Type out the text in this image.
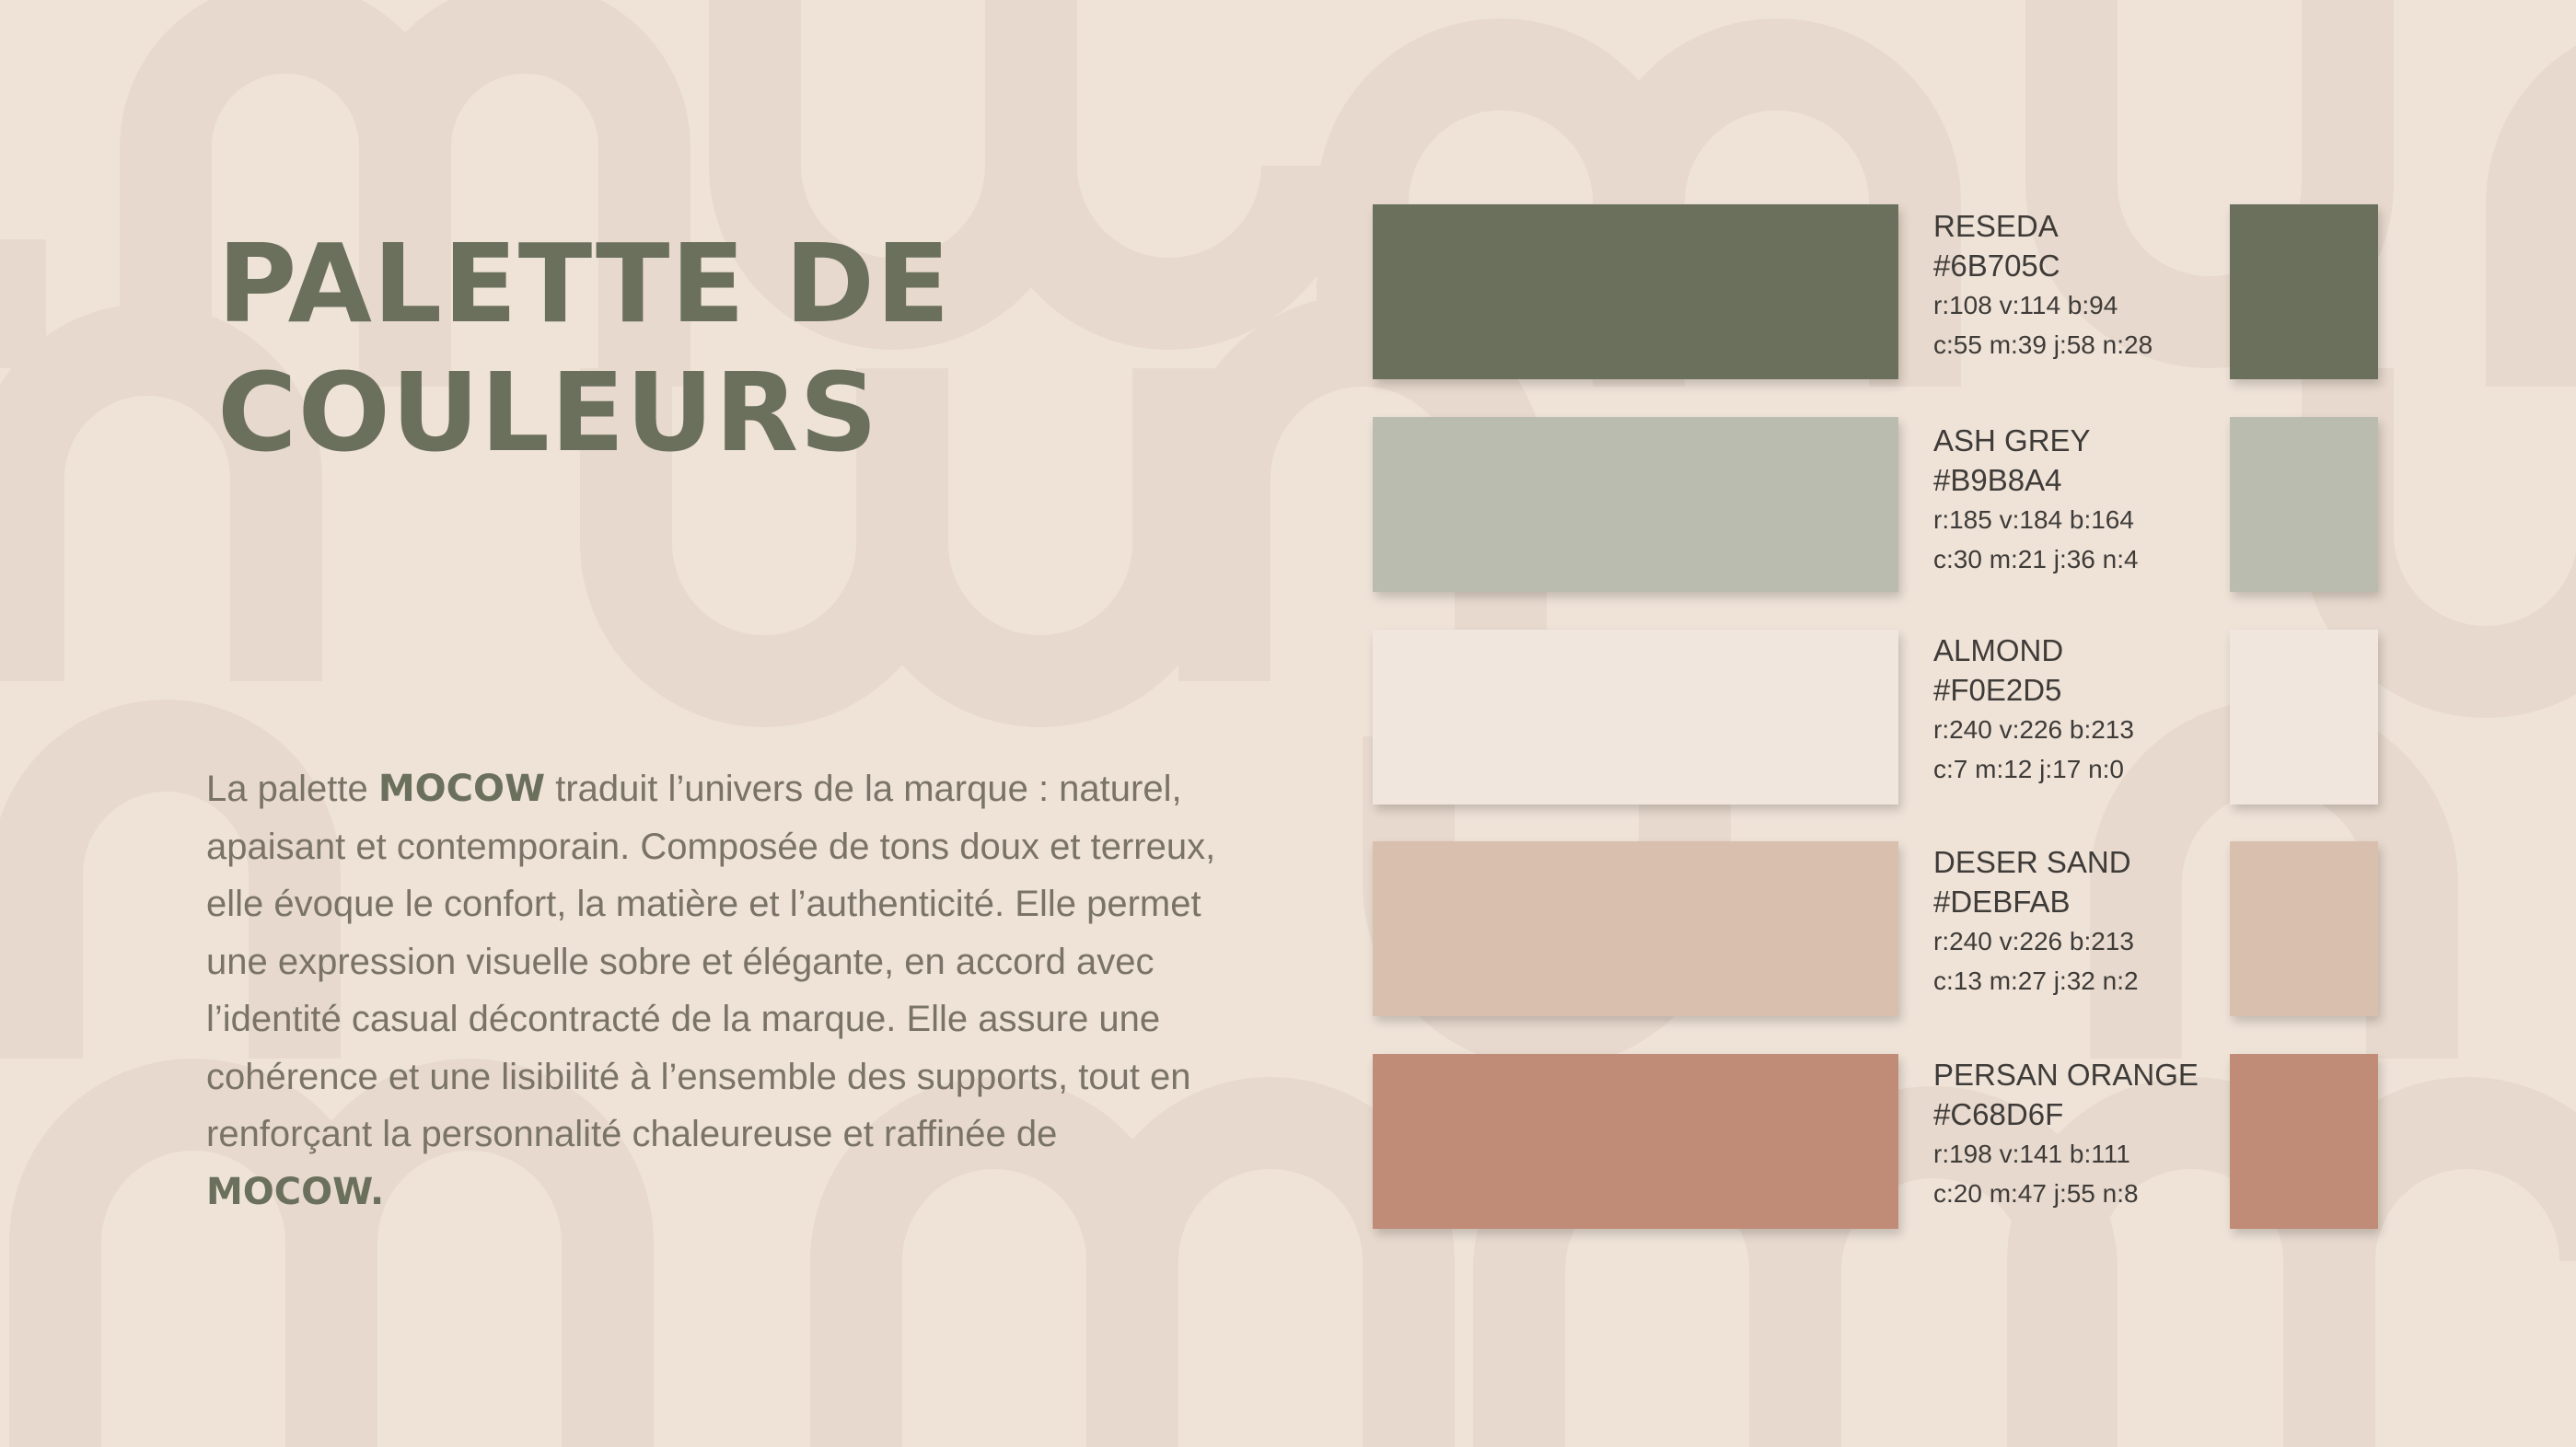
PALETTE DE
COULEURS

La palette MOCOW traduit l’univers de la marque : naturel, apaisant et contemporain. Composée de tons doux et terreux, elle évoque le confort, la matière et l’authenticité. Elle permet une expression visuelle sobre et élégante, en accord avec l’identité casual décontracté de la marque. Elle assure une cohérence et une lisibilité à l’ensemble des supports, tout en renforçant la personnalité chaleureuse et raffinée de MOCOW.

RESEDA
#6B705C
r:108 v:114 b:94
c:55 m:39 j:58 n:28
ASH GREY
#B9B8A4
r:185 v:184 b:164
c:30 m:21 j:36 n:4
ALMOND
#F0E2D5
r:240 v:226 b:213
c:7 m:12 j:17 n:0
DESER SAND
#DEBFAB
r:240 v:226 b:213
c:13 m:27 j:32 n:2
PERSAN ORANGE
#C68D6F
r:198 v:141 b:111
c:20 m:47 j:55 n:8
